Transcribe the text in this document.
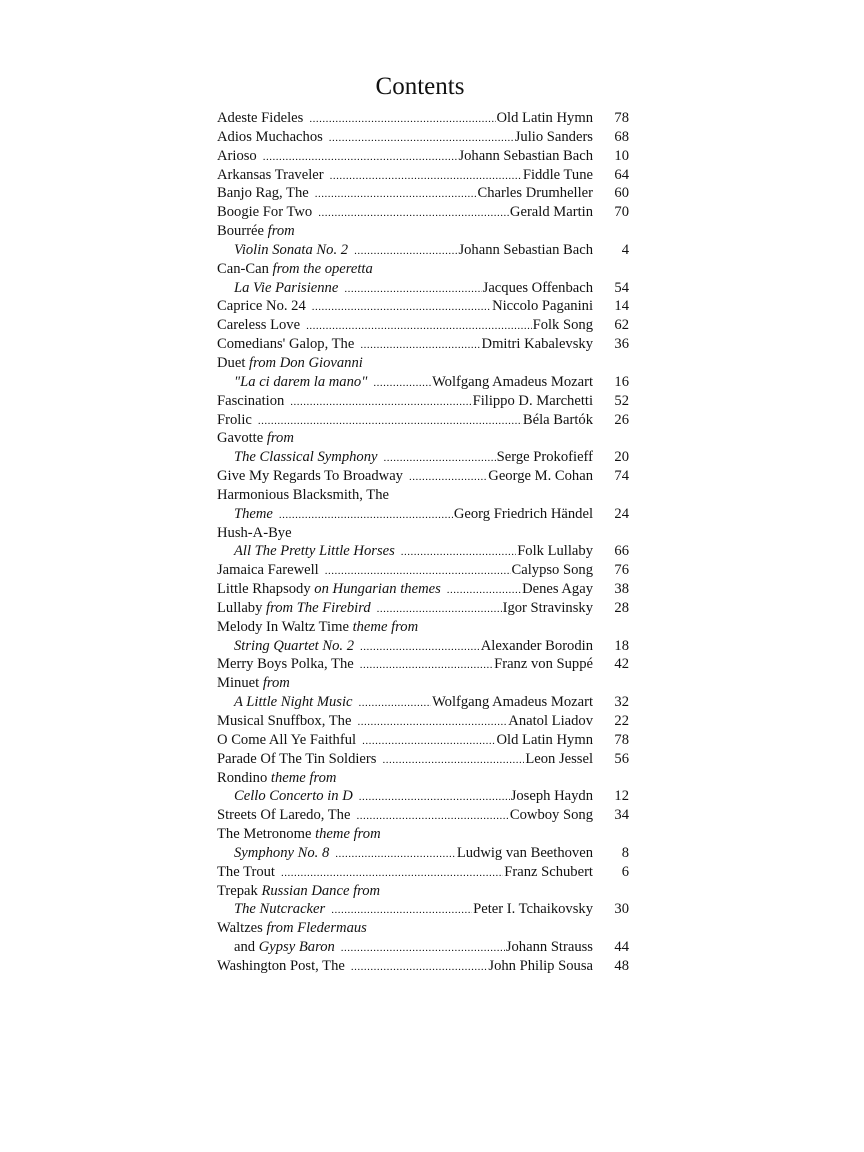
Contents
Adeste Fideles .....	Old Latin Hymn	78
Adios Muchachos .....	Julio Sanders	68
Arioso .....	Johann Sebastian Bach	10
Arkansas Traveler .....	Fiddle Tune	64
Banjo Rag, The .....	Charles Drumheller	60
Boogie For Two .....	Gerald Martin	70
Bourrée from
Violin Sonata No. 2 .....	Johann Sebastian Bach	4
Can-Can from the operetta
La Vie Parisienne .....	Jacques Offenbach	54
Caprice No. 24 .....	Niccolo Paganini	14
Careless Love .....	Folk Song	62
Comedians' Galop, The .....	Dmitri Kabalevsky	36
Duet from Don Giovanni
"La ci darem la mano" .....	Wolfgang Amadeus Mozart	16
Fascination .....	Filippo D. Marchetti	52
Frolic .....	Béla Bartók	26
Gavotte from
The Classical Symphony .....	Serge Prokofieff	20
Give My Regards To Broadway .....	George M. Cohan	74
Harmonious Blacksmith, The
Theme .....	Georg Friedrich Händel	24
Hush-A-Bye
All The Pretty Little Horses .....	Folk Lullaby	66
Jamaica Farewell .....	Calypso Song	76
Little Rhapsody on Hungarian themes .....	Denes Agay	38
Lullaby from The Firebird .....	Igor Stravinsky	28
Melody In Waltz Time theme from
String Quartet No. 2 .....	Alexander Borodin	18
Merry Boys Polka, The .....	Franz von Suppé	42
Minuet from
A Little Night Music .....	Wolfgang Amadeus Mozart	32
Musical Snuffbox, The .....	Anatol Liadov	22
O Come All Ye Faithful .....	Old Latin Hymn	78
Parade Of The Tin Soldiers .....	Leon Jessel	56
Rondino theme from
Cello Concerto in D .....	Joseph Haydn	12
Streets Of Laredo, The .....	Cowboy Song	34
The Metronome theme from
Symphony No. 8 .....	Ludwig van Beethoven	8
The Trout .....	Franz Schubert	6
Trepak Russian Dance from
The Nutcracker .....	Peter I. Tchaikovsky	30
Waltzes from Fledermaus
and Gypsy Baron .....	Johann Strauss	44
Washington Post, The .....	John Philip Sousa	48
